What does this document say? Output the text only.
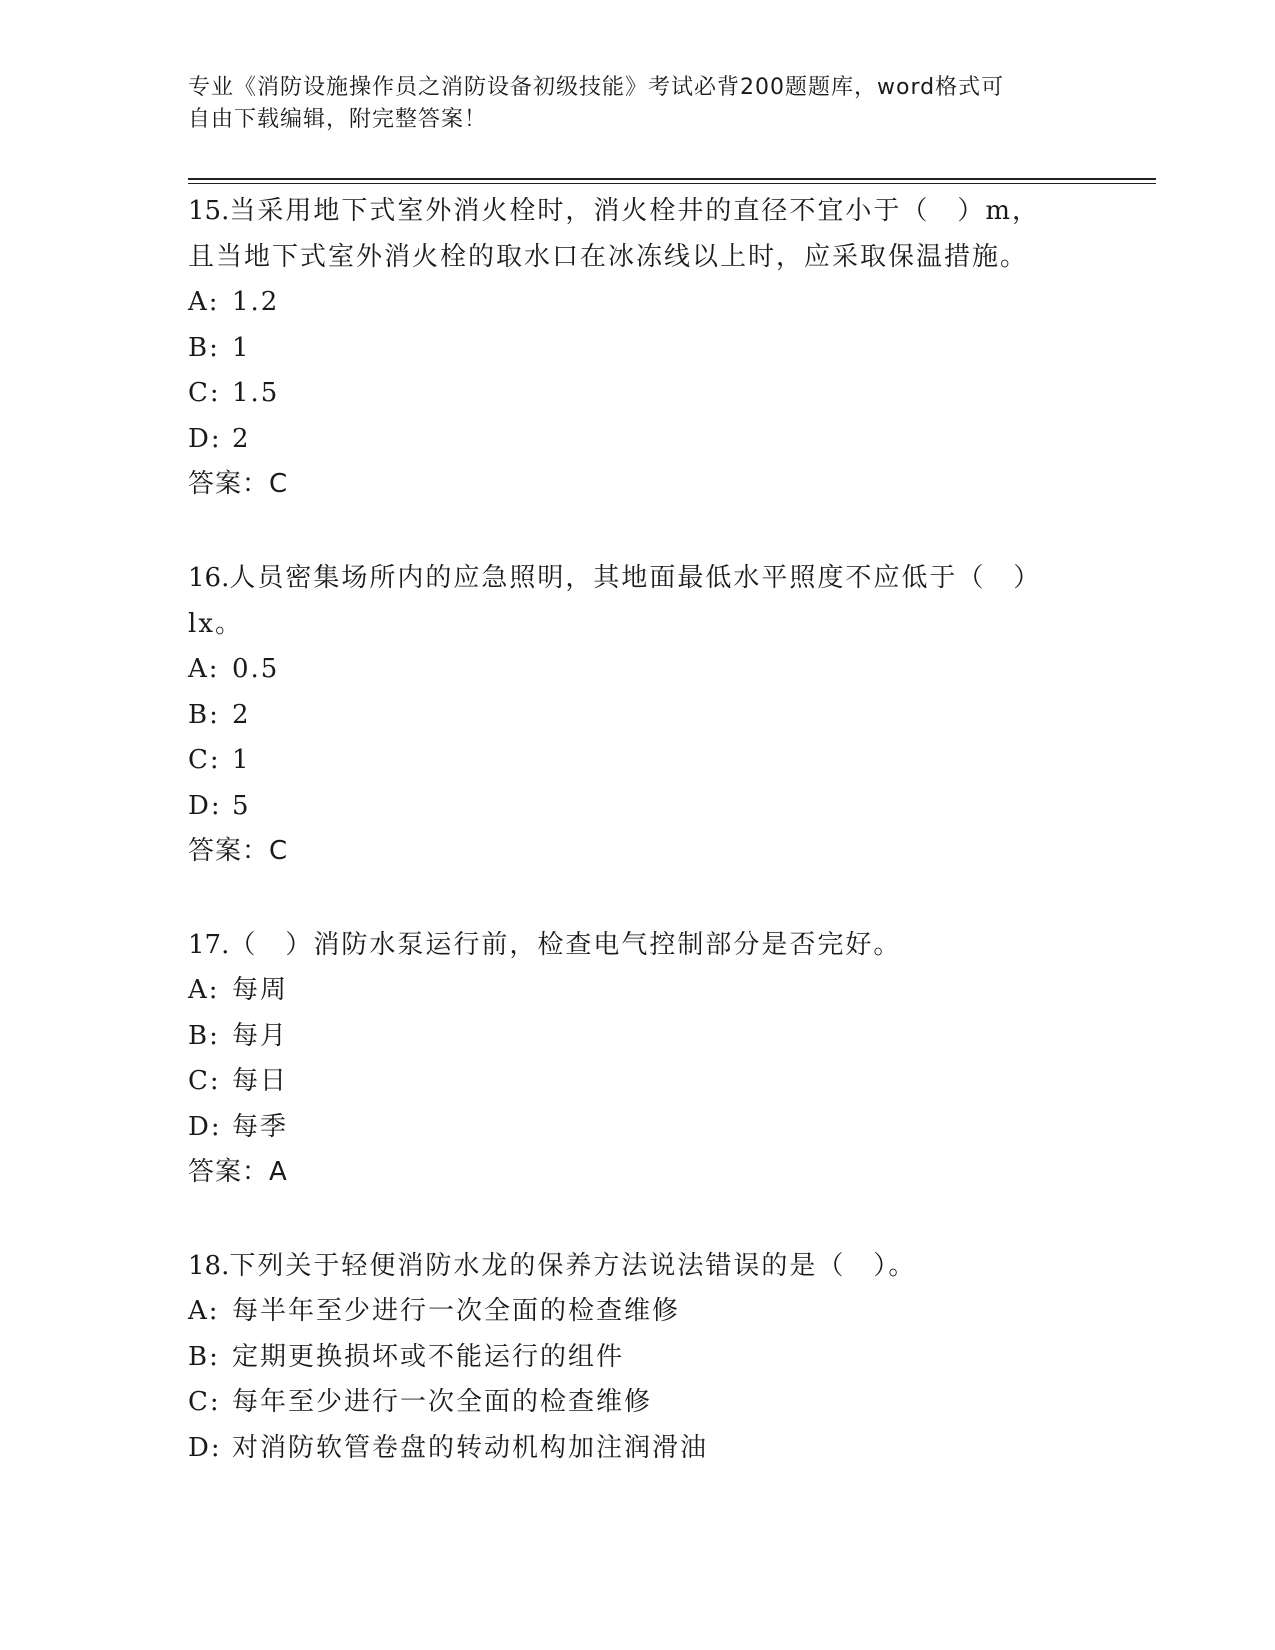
专业《消防设施操作员之消防设备初级技能》考试必背200题题库，word格式可
自由下载编辑，附完整答案！
15.当采用地下式室外消火栓时，消火栓井的直径不宜小于（　）m，
且当地下式室外消火栓的取水口在冰冻线以上时，应采取保温措施。
A: 1.2
B: 1
C: 1.5
D: 2
答案：C
16.人员密集场所内的应急照明，其地面最低水平照度不应低于（　）
lx。
A: 0.5
B: 2
C: 1
D: 5
答案：C
17.（　）消防水泵运行前，检查电气控制部分是否完好。
A: 每周
B: 每月
C: 每日
D: 每季
答案：A
18.下列关于轻便消防水龙的保养方法说法错误的是（　）。
A: 每半年至少进行一次全面的检查维修
B: 定期更换损坏或不能运行的组件
C: 每年至少进行一次全面的检查维修
D: 对消防软管卷盘的转动机构加注润滑油
